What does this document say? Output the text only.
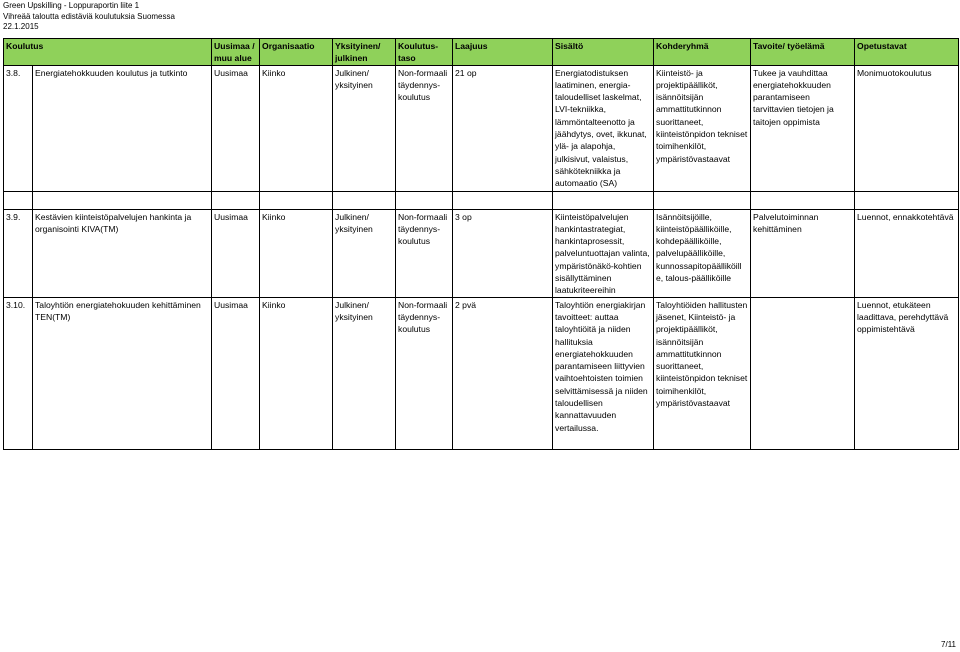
Green Upskilling - Loppuraportin liite 1
Vihreää taloutta edistäviä koulutuksia Suomessa
22.1.2015
Koulutus		Uusimaa / muu alue	Organisaatio	Yksityinen/ julkinen	Koulutus-taso	Laajuus	Sisältö	Kohderyhmä	Tavoite/ työelämä	Opetustavat	
3.8.	Energiatehokkuuden koulutus ja tutkinto	Uusimaa	Kiinko	Julkinen/ yksityinen	Non-formaali täydennys-koulutus	21 op	Energiatodistuksen laatiminen, energia-taloudelliset laskelmat, LVI-tekniikka, lämmöntalteenotto ja jäähdytys, ovet, ikkunat, ylä- ja alapohja, julkisivut, valaistus, sähkötekniikka ja automaatio (SA)	Kiinteistö- ja projektipäälliköt, isännöitsijän ammattitutkinnon suorittaneet, kiinteistönpidon tekniset toimihenkilöt, ympäristövastaavat	Tukee ja vauhdittaa energiatehokkuuden parantamiseen tarvittavien tietojen ja taitojen oppimista	Monimuotokoulutus	

3.9.	Kestävien kiinteistöpalvelujen hankinta ja organisointi KIVA(TM)	Uusimaa	Kiinko	Julkinen/ yksityinen	Non-formaali täydennys-koulutus	3 op	Kiinteistöpalvelujen hankintastrategiat, hankintaprosessit, palveluntuottajan valinta, ympäristönäkö-kohtien sisällyttäminen laatukriteereihin	Isännöitsijöille, kiinteistöpäälliköille, kohdepäälliköille, palvelupäälliköille, kunnossapitopäälliköill e, talous-päälliköille	Palvelutoiminnan kehittäminen	Luennot, ennakkotehtävä	
3.10.	Taloyhtiön energiatehokuuden kehittäminen TEN(TM)	Uusimaa	Kiinko	Julkinen/ yksityinen	Non-formaali täydennys-koulutus	2 pvä	Taloyhtiön energiakirjan tavoitteet: auttaa taloyhtiöitä ja niiden hallituksia energiatehokkuuden parantamiseen liittyvien vaihtoehtoisten toimien selvittämisessä ja niiden taloudellisen kannattavuuden vertailussa.	Taloyhtiöiden hallitusten jäsenet, Kiinteistö- ja projektipäälliköt, isännöitsijän ammattitutkinnon suorittaneet, kiinteistönpidon tekniset toimihenkilöt, ympäristövastaavat		Luennot, etukäteen laadittava, perehdyttävä oppimistehtävä	
7/11
